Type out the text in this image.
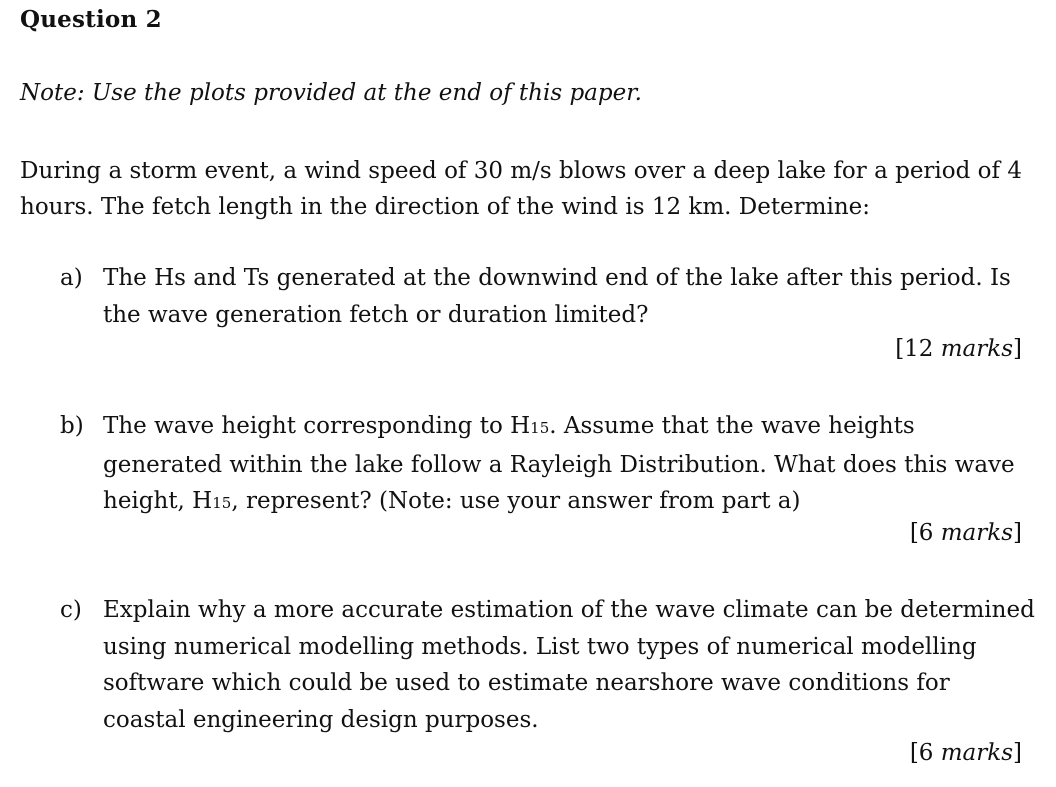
Question 2
Note: Use the plots provided at the end of this paper.
During a storm event, a wind speed of 30 m/s blows over a deep lake for a period of 4 hours. The fetch length in the direction of the wind is 12 km. Determine:
a) The Hs and Ts generated at the downwind end of the lake after this period. Is the wave generation fetch or duration limited?
[12 marks]
b) The wave height corresponding to H15. Assume that the wave heights generated within the lake follow a Rayleigh Distribution. What does this wave height, H15, represent? (Note: use your answer from part a)
[6 marks]
c) Explain why a more accurate estimation of the wave climate can be determined using numerical modelling methods. List two types of numerical modelling software which could be used to estimate nearshore wave conditions for coastal engineering design purposes.
[6 marks]
